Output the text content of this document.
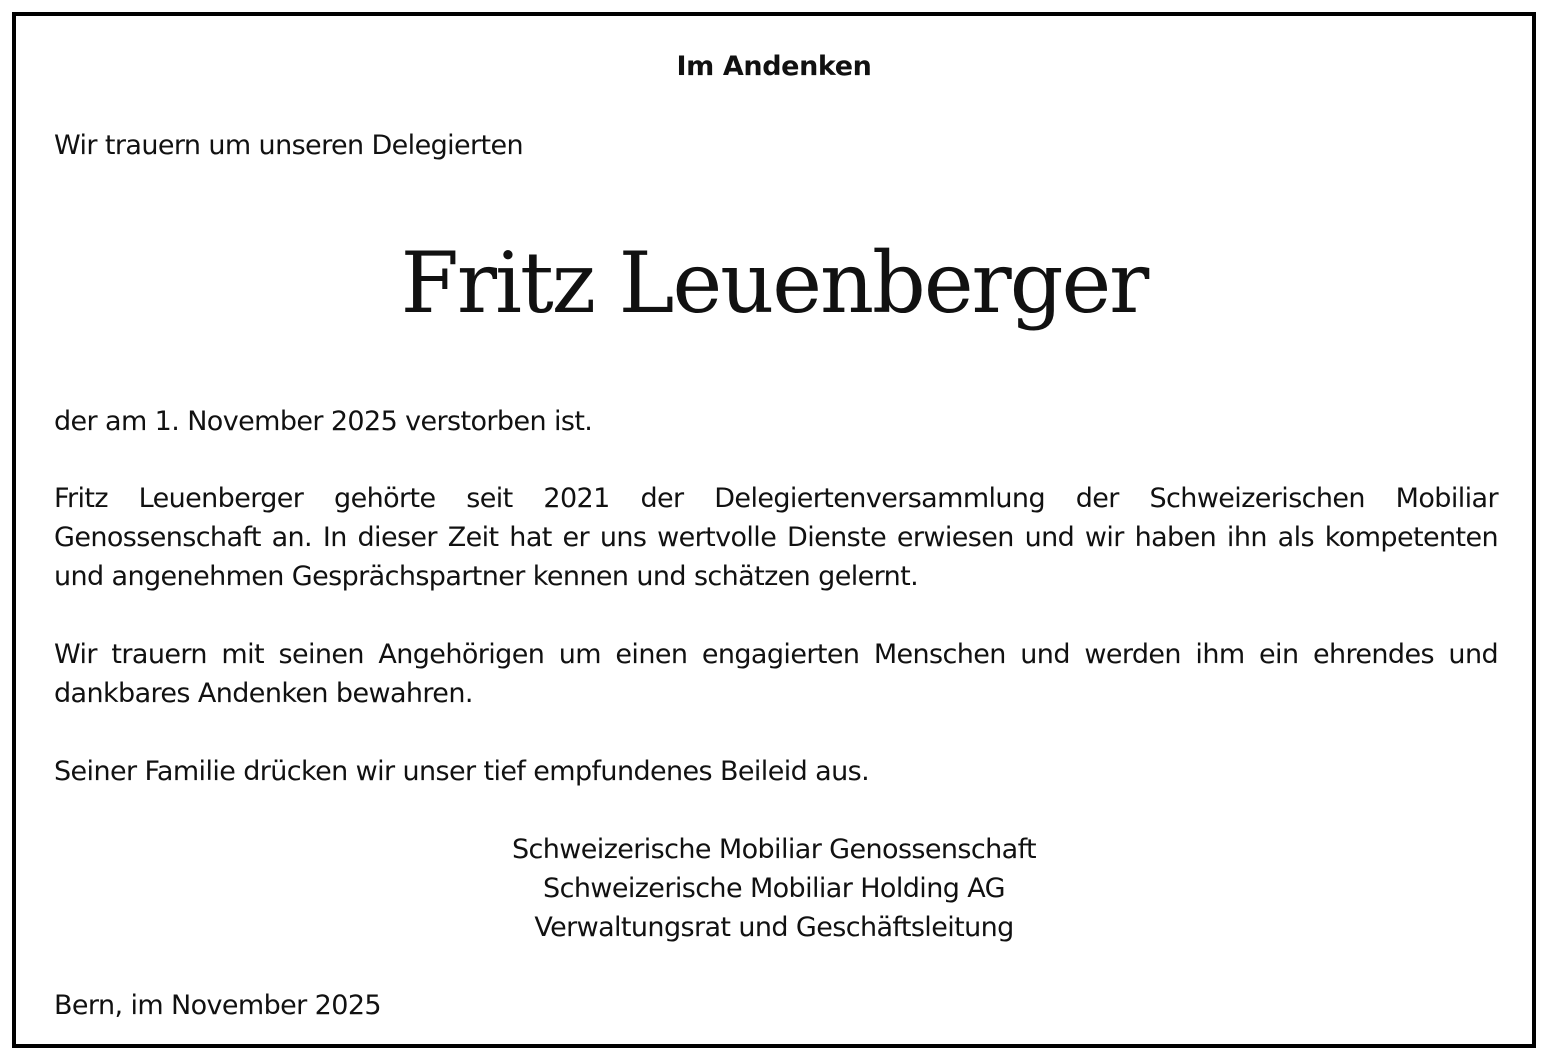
Im Andenken
Wir trauern um unseren Delegierten
Fritz Leuenberger
der am 1. November 2025 verstorben ist.
Fritz Leuenberger gehörte seit 2021 der Delegiertenversammlung der Schweizerischen Mobiliar Genossenschaft an. In dieser Zeit hat er uns wertvolle Dienste erwiesen und wir haben ihn als kompetenten und angenehmen Gesprächspartner kennen und schätzen gelernt.
Wir trauern mit seinen Angehörigen um einen engagierten Menschen und werden ihm ein ehrendes und dankbares Andenken bewahren.
Seiner Familie drücken wir unser tief empfundenes Beileid aus.
Schweizerische Mobiliar Genossenschaft
Schweizerische Mobiliar Holding AG
Verwaltungsrat und Geschäftsleitung
Bern, im November 2025
